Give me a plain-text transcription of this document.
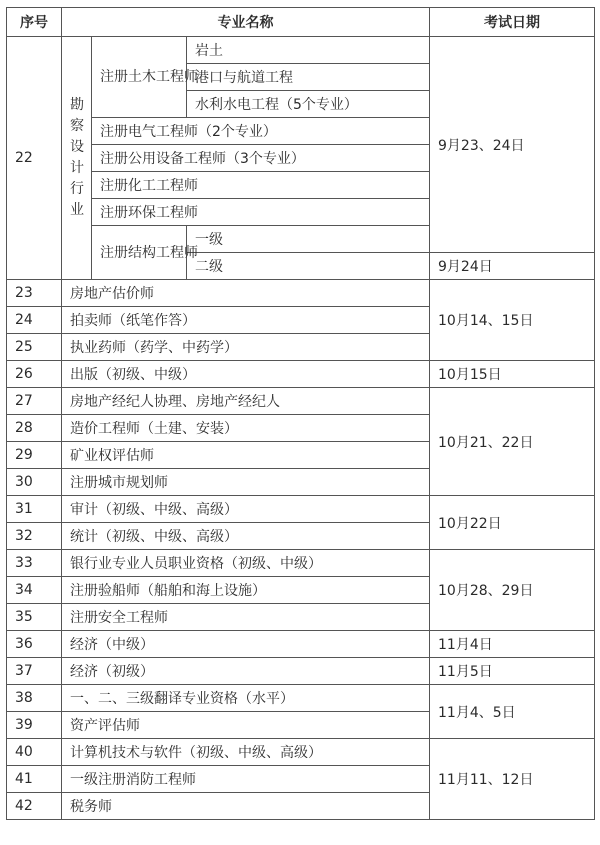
序号	专业名称			考试日期
22	勘察设计行业	注册土木工程师	岩土	9月23、24日
			港口与航道工程	
			水利水电工程（5个专业）	
		注册电气工程师（2个专业）		
		注册公用设备工程师（3个专业）		
		注册化工工程师		
		注册环保工程师		
		注册结构工程师	一级	
			二级	9月24日
23	房地产估价师			10月14、15日
24	拍卖师（纸笔作答）			
25	执业药师（药学、中药学）			
26	出版（初级、中级）			10月15日
27	房地产经纪人协理、房地产经纪人			10月21、22日
28	造价工程师（土建、安装）			
29	矿业权评估师			
30	注册城市规划师			
31	审计（初级、中级、高级）			10月22日
32	统计（初级、中级、高级）			
33	银行业专业人员职业资格（初级、中级）			10月28、29日
34	注册验船师（船舶和海上设施）			
35	注册安全工程师			
36	经济（中级）			11月4日
37	经济（初级）			11月5日
38	一、二、三级翻译专业资格（水平）			11月4、5日
39	资产评估师			
40	计算机技术与软件（初级、中级、高级）			11月11、12日
41	一级注册消防工程师			
42	税务师			
